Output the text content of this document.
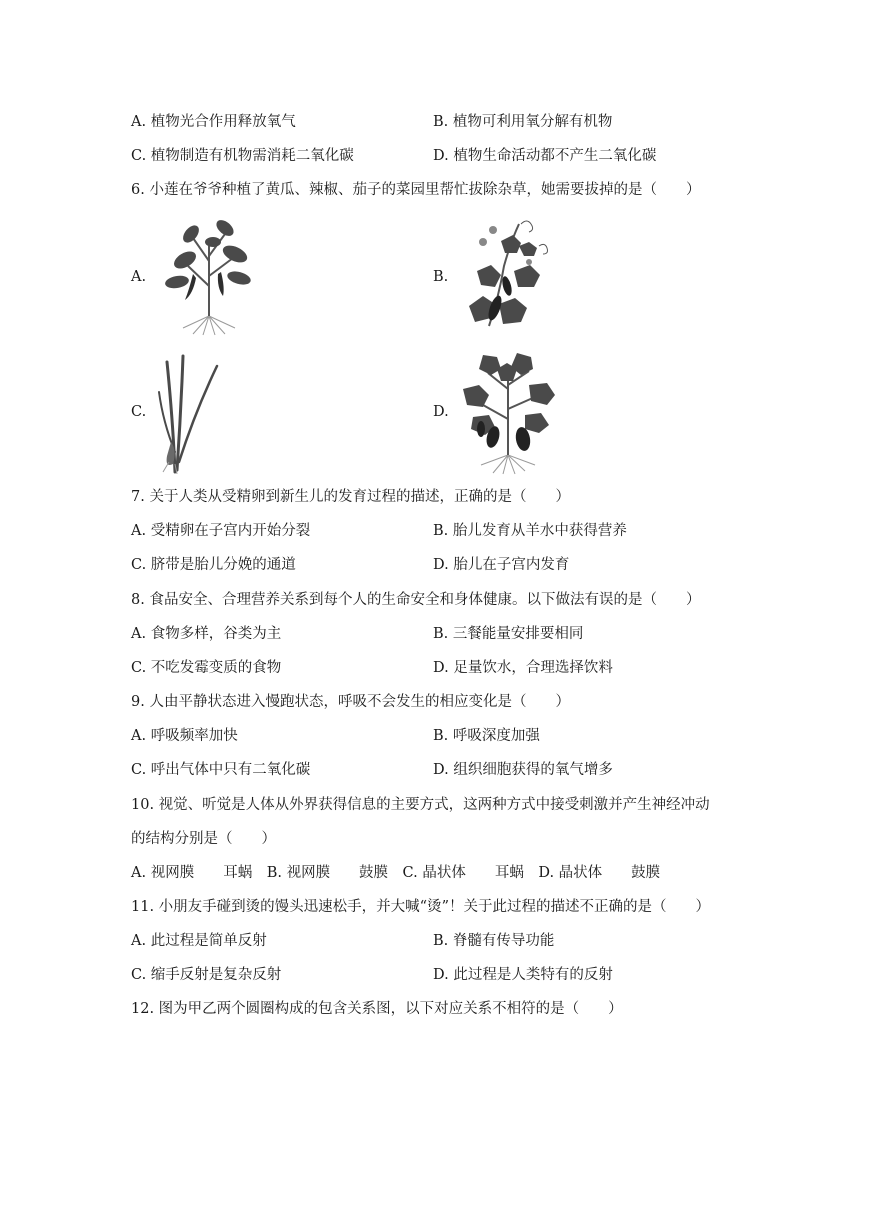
A. 植物光合作用释放氧气	B. 植物可利用氧分解有机物
C. 植物制造有机物需消耗二氧化碳	D. 植物生命活动都不产生二氧化碳
6. 小莲在爷爷种植了黄瓜、辣椒、茄子的菜园里帮忙拔除杂草，她需要拔掉的是（　　）
A.	B.
C.	D.
7. 关于人类从受精卵到新生儿的发育过程的描述，正确的是（　　）
A. 受精卵在子宫内开始分裂	B. 胎儿发育从羊水中获得营养
C. 脐带是胎儿分娩的通道	D. 胎儿在子宫内发育
8. 食品安全、合理营养关系到每个人的生命安全和身体健康。以下做法有误的是（　　）
A. 食物多样，谷类为主	B. 三餐能量安排要相同
C. 不吃发霉变质的食物	D. 足量饮水，合理选择饮料
9. 人由平静状态进入慢跑状态，呼吸不会发生的相应变化是（　　）
A. 呼吸频率加快	B. 呼吸深度加强
C. 呼出气体中只有二氧化碳	D. 组织细胞获得的氧气增多
10. 视觉、听觉是人体从外界获得信息的主要方式，这两种方式中接受刺激并产生神经冲动
的结构分别是（　　）
A. 视网膜　　耳蜗　B. 视网膜　　鼓膜　C. 晶状体　　耳蜗　D. 晶状体　　鼓膜
11. 小朋友手碰到烫的馒头迅速松手，并大喊“烫”！关于此过程的描述不正确的是（　　）
A. 此过程是简单反射	B. 脊髓有传导功能
C. 缩手反射是复杂反射	D. 此过程是人类特有的反射
12. 图为甲乙两个圆圈构成的包含关系图，以下对应关系不相符的是（　　）
